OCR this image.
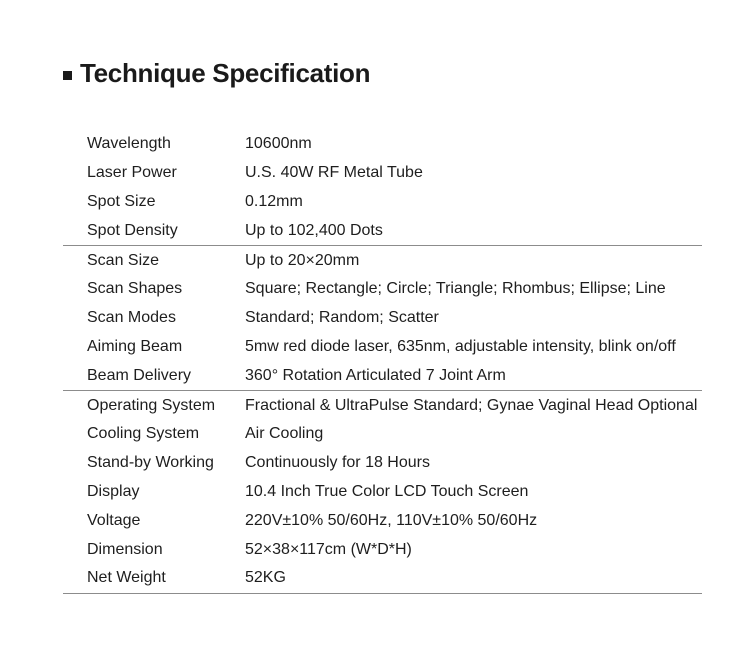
Technique Specification
Wavelength	10600nm
Laser Power	U.S. 40W RF Metal Tube
Spot Size	0.12mm
Spot Density	Up to 102,400 Dots
Scan Size	Up to 20×20mm
Scan Shapes	Square; Rectangle; Circle; Triangle; Rhombus; Ellipse; Line
Scan Modes	Standard; Random; Scatter
Aiming Beam	5mw red diode laser, 635nm, adjustable intensity, blink on/off
Beam Delivery	360° Rotation Articulated 7 Joint Arm
Operating System	Fractional & UltraPulse Standard; Gynae Vaginal Head Optional
Cooling System	Air Cooling
Stand-by Working	Continuously for 18 Hours
Display	10.4 Inch True Color LCD Touch Screen
Voltage	220V±10% 50/60Hz, 110V±10% 50/60Hz
Dimension	52×38×117cm (W*D*H)
Net Weight	52KG
